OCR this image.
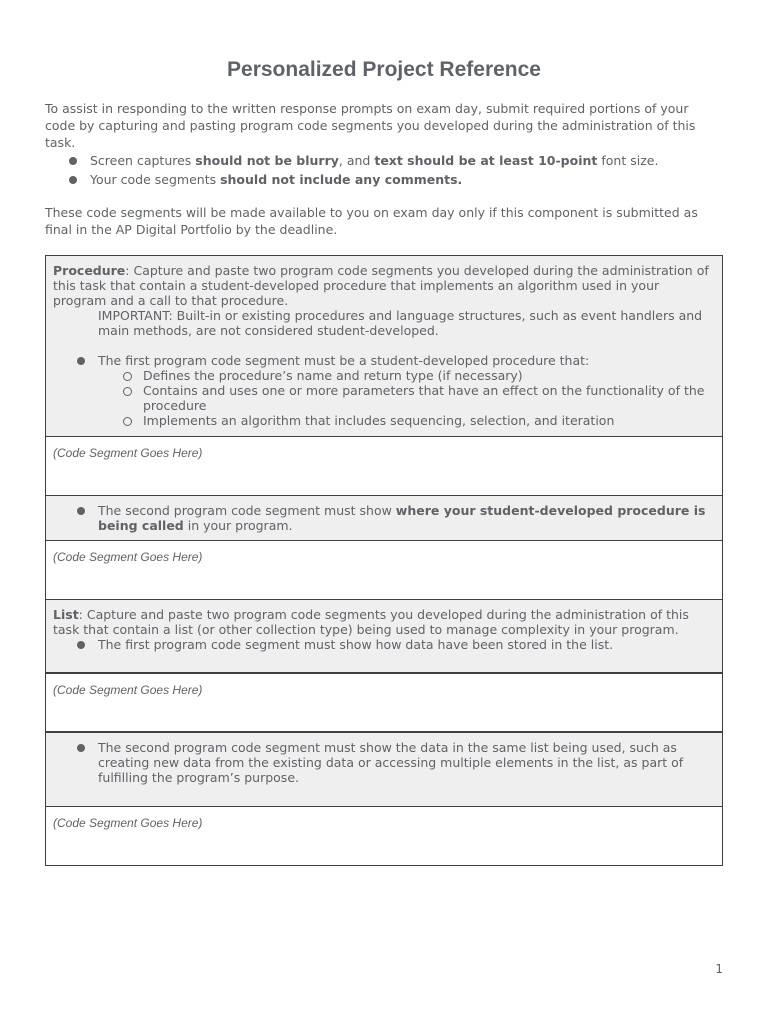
Personalized Project Reference

To assist in responding to the written response prompts on exam day, submit required portions of your code by capturing and pasting program code segments you developed during the administration of this task.

Screen captures should not be blurry, and text should be at least 10-point font size.
Your code segments should not include any comments.

These code segments will be made available to you on exam day only if this component is submitted as final in the AP Digital Portfolio by the deadline.

Procedure: Capture and paste two program code segments you developed during the administration of this task that contain a student-developed procedure that implements an algorithm used in your program and a call to that procedure.
IMPORTANT: Built-in or existing procedures and language structures, such as event handlers and main methods, are not considered student-developed.
The first program code segment must be a student-developed procedure that:
Defines the procedure’s name and return type (if necessary)
Contains and uses one or more parameters that have an effect on the functionality of the procedure
Implements an algorithm that includes sequencing, selection, and iteration
(Code Segment Goes Here)
The second program code segment must show where your student-developed procedure is being called in your program.
(Code Segment Goes Here)
List: Capture and paste two program code segments you developed during the administration of this task that contain a list (or other collection type) being used to manage complexity in your program.
The first program code segment must show how data have been stored in the list.
(Code Segment Goes Here)
The second program code segment must show the data in the same list being used, such as creating new data from the existing data or accessing multiple elements in the list, as part of fulfilling the program’s purpose.
(Code Segment Goes Here)
1
